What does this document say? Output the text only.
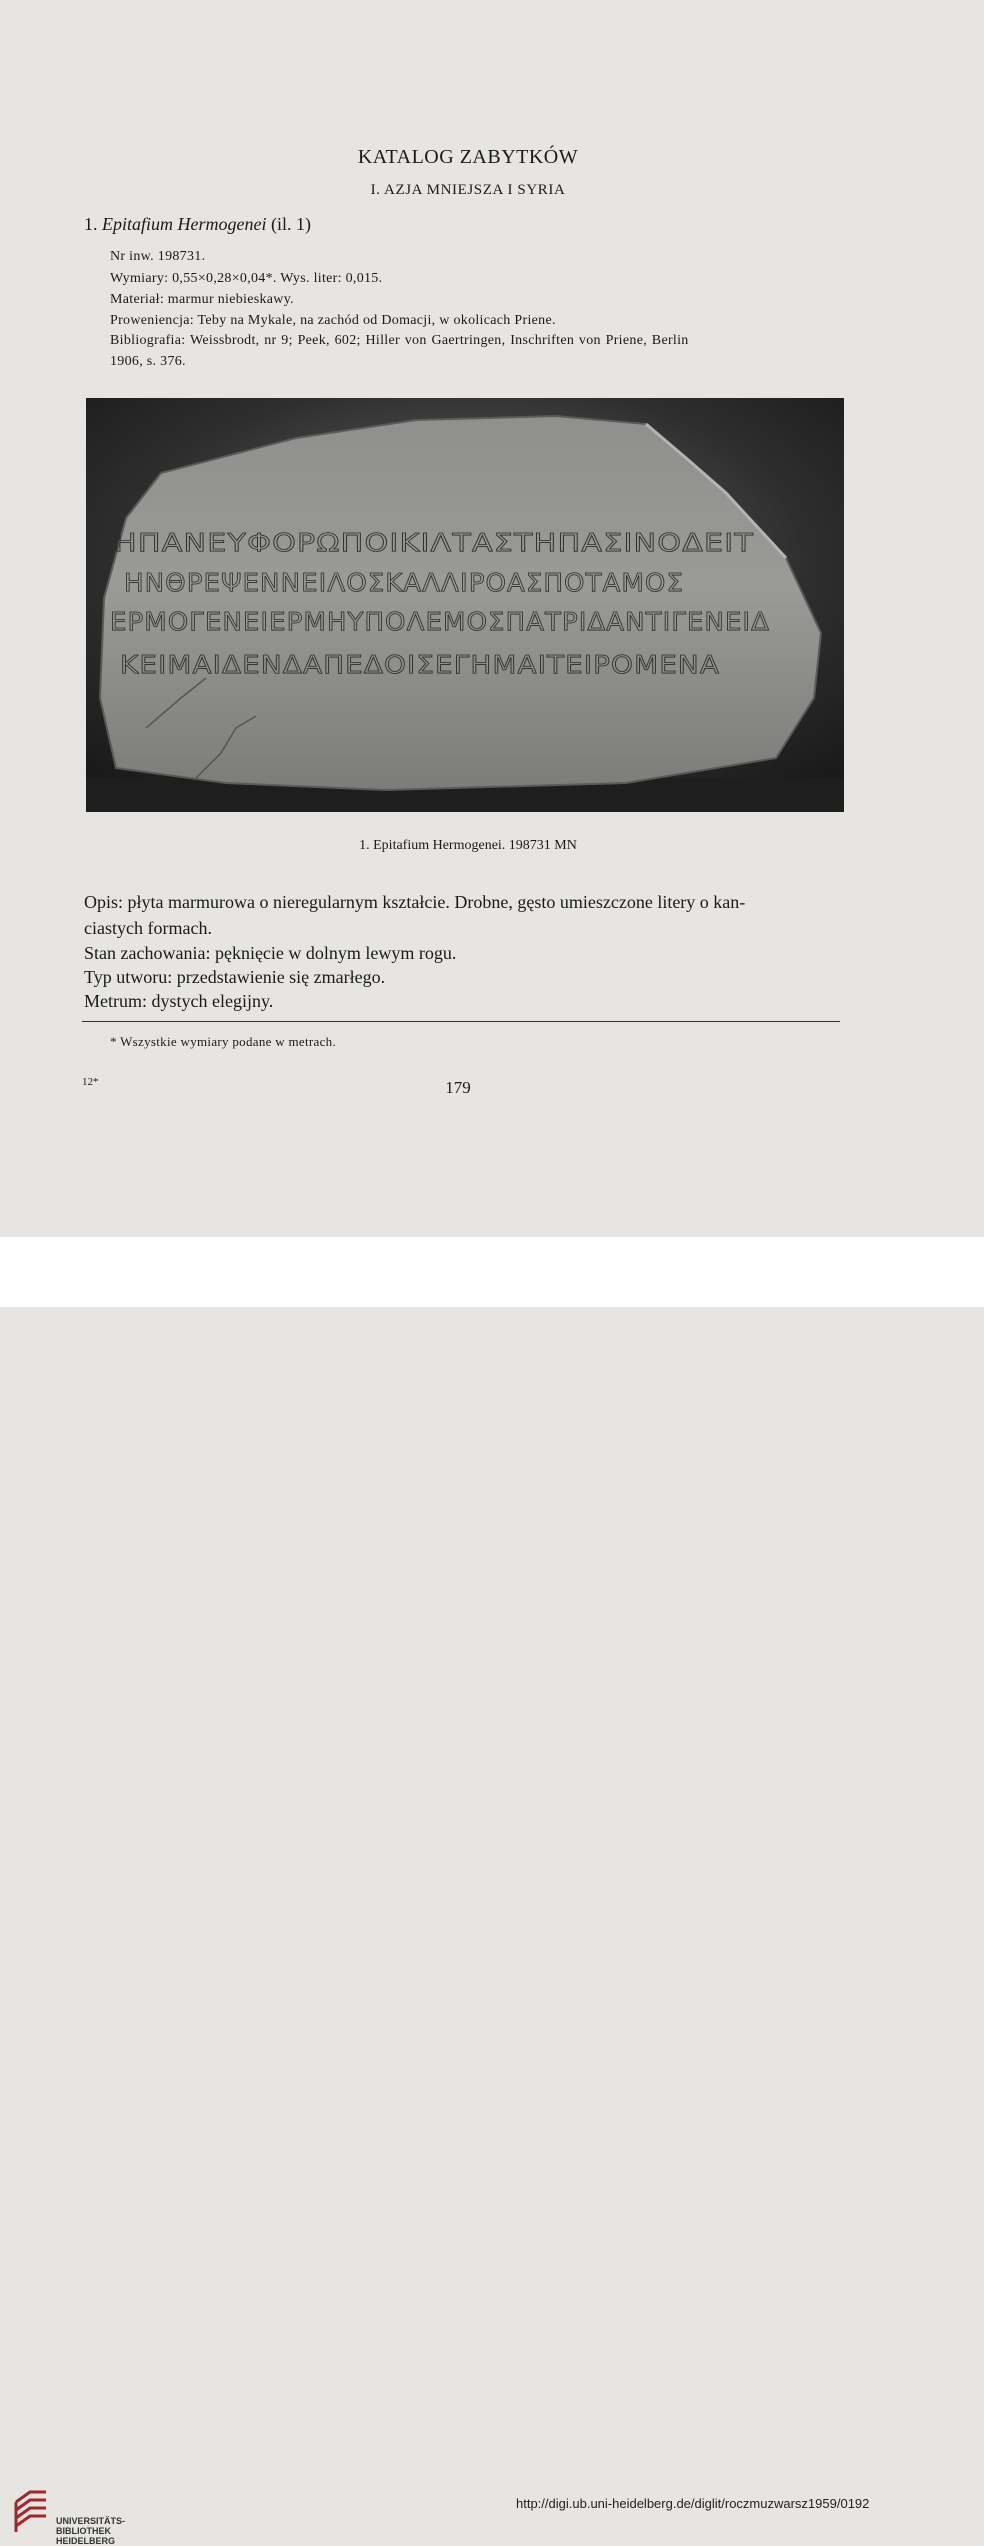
KATALOG ZABYTKÓW
I. AZJA MNIEJSZA I SYRIA
1. Epitafium Hermogenei (il. 1)
Nr inw. 198731.
Wymiary: 0,55×0,28×0,04*. Wys. liter: 0,015.
Materiał: marmur niebieskawy.
Proweniencja: Teby na Mykale, na zachód od Domacji, w okolicach Priene.
Bibliografia: Weissbrodt, nr 9; Peek, 602; Hiller von Gaertringen, Inschriften von Priene, Berlin
1906, s. 376.
ΗΠΑΝΕΥΦΟΡΩΠΟΙΚΙΛΤΑΣΤΗΠΑΣΙΝΟΔΕΙΤ
ΗΝΘΡΕΨΕΝΝΕΙΛΟΣΚΑΛΛΙΡΟΑΣΠΟΤΑΜΟΣ
ΕΡΜΟΓΕΝΕΙΕΡΜΗΥΠΟΛΕΜΟΣΠΑΤΡΙΔΑΝΤΙΓΕΝΕΙΔ
ΚΕΙΜΑΙΔΕΝΔΑΠΕΔΟΙΣΕΓΗΜΑΙΤΕΙΡΟΜΕΝΑ
1. Epitafium Hermogenei. 198731 MN
Opis: płyta marmurowa o nieregularnym kształcie. Drobne, gęsto umieszczone litery o kan-
ciastych formach.
Stan zachowania: pęknięcie w dolnym lewym rogu.
Typ utworu: przedstawienie się zmarłego.
Metrum: dystych elegijny.
* Wszystkie wymiary podane w metrach.
12*	179
UNIVERSITÄTS-
BIBLIOTHEK
HEIDELBERG
http://digi.ub.uni-heidelberg.de/diglit/roczmuzwarsz1959/0192
